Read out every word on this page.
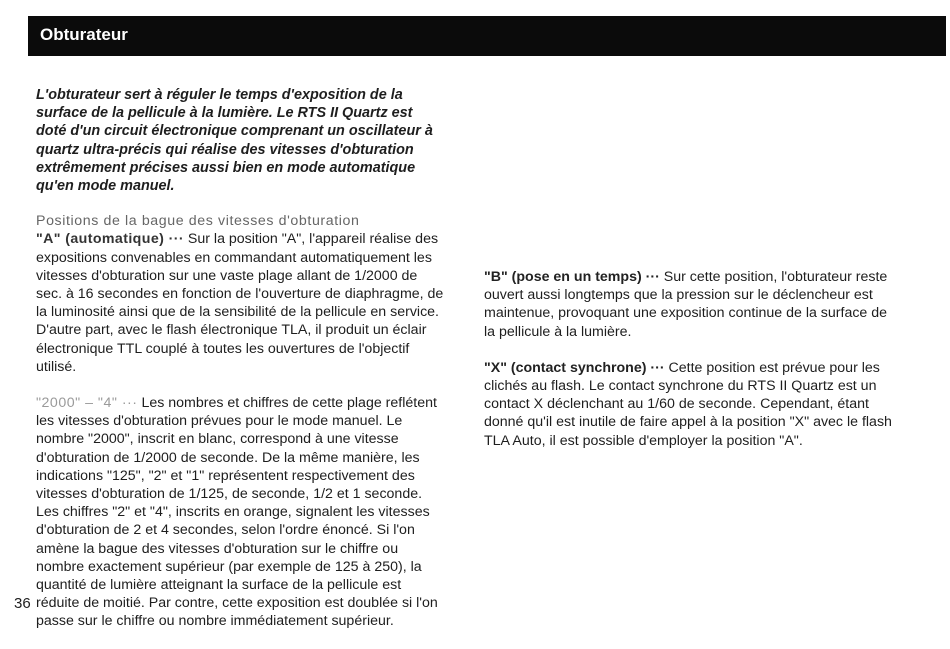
Obturateur

L'obturateur sert à réguler le temps d'exposition de la surface de la pellicule à la lumière. Le RTS II Quartz est doté d'un circuit électronique comprenant un oscillateur à quartz ultra-précis qui réalise des vitesses d'obturation extrêmement précises aussi bien en mode automatique qu'en mode manuel.

Positions de la bague des vitesses d'obturation
"A" (automatique) ··· Sur la position "A", l'appareil réalise des expositions convenables en commandant automatiquement les vitesses d'obturation sur une vaste plage allant de 1/2000 de sec. à 16 secondes en fonction de l'ouverture de diaphragme, de la luminosité ainsi que de la sensibilité de la pellicule en service. D'autre part, avec le flash électronique TLA, il produit un éclair électronique TTL couplé à toutes les ouvertures de l'objectif utilisé.

"2000" – "4" ··· Les nombres et chiffres de cette plage reflétent les vitesses d'obturation prévues pour le mode manuel. Le nombre "2000", inscrit en blanc, correspond à une vitesse d'obturation de 1/2000 de seconde. De la même manière, les indications "125", "2" et "1" représentent respectivement des vitesses d'obturation de 1/125, de seconde, 1/2 et 1 seconde. Les chiffres "2" et "4", inscrits en orange, signalent les vitesses d'obturation de 2 et 4 secondes, selon l'ordre énoncé. Si l'on amène la bague des vitesses d'obturation sur le chiffre ou nombre exactement supérieur (par exemple de 125 à 250), la quantité de lumière atteignant la surface de la pellicule est réduite de moitié. Par contre, cette exposition est doublée si l'on passe sur le chiffre ou nombre immédiatement supérieur.

"B" (pose en un temps) ··· Sur cette position, l'obturateur reste ouvert aussi longtemps que la pression sur le déclencheur est maintenue, provoquant une exposition continue de la surface de la pellicule à la lumière.

"X" (contact synchrone) ··· Cette position est prévue pour les clichés au flash. Le contact synchrone du RTS II Quartz est un contact X déclenchant au 1/60 de seconde. Cependant, étant donné qu'il est inutile de faire appel à la position "X" avec le flash TLA Auto, il est possible d'employer la position "A".

36
